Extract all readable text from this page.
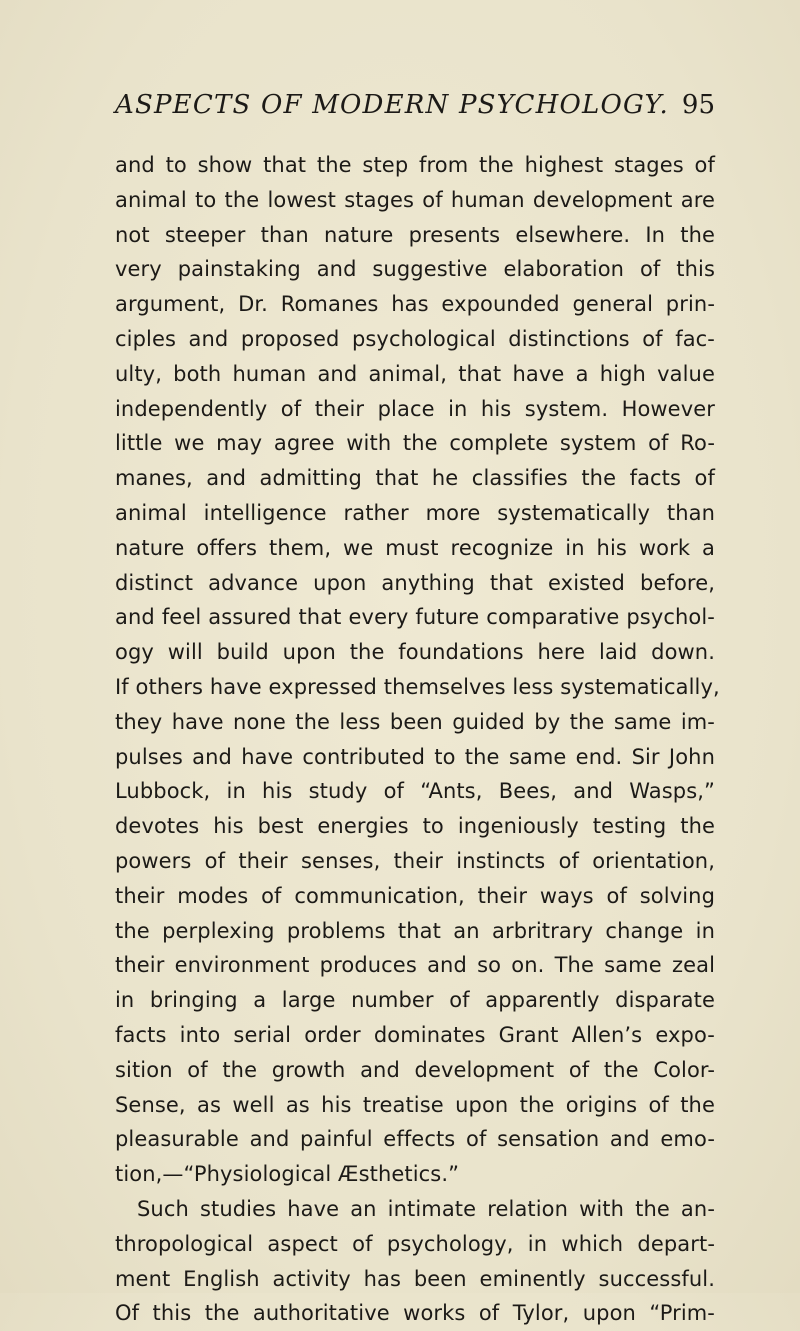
ASPECTS OF MODERN PSYCHOLOGY. 95
and to show that the step from the highest stages of
animal to the lowest stages of human development are
not steeper than nature presents elsewhere. In the
very painstaking and suggestive elaboration of this
argument, Dr. Romanes has expounded general prin-
ciples and proposed psychological distinctions of fac-
ulty, both human and animal, that have a high value
independently of their place in his system. However
little we may agree with the complete system of Ro-
manes, and admitting that he classifies the facts of
animal intelligence rather more systematically than
nature offers them, we must recognize in his work a
distinct advance upon anything that existed before,
and feel assured that every future comparative psychol-
ogy will build upon the foundations here laid down.
If others have expressed themselves less systematically,
they have none the less been guided by the same im-
pulses and have contributed to the same end. Sir John
Lubbock, in his study of “Ants, Bees, and Wasps,”
devotes his best energies to ingeniously testing the
powers of their senses, their instincts of orientation,
their modes of communication, their ways of solving
the perplexing problems that an arbritrary change in
their environment produces and so on. The same zeal
in bringing a large number of apparently disparate
facts into serial order dominates Grant Allen’s expo-
sition of the growth and development of the Color-
Sense, as well as his treatise upon the origins of the
pleasurable and painful effects of sensation and emo-
tion,—“Physiological Æsthetics.”
Such studies have an intimate relation with the an-
thropological aspect of psychology, in which depart-
ment English activity has been eminently successful.
Of this the authoritative works of Tylor, upon “Prim-
